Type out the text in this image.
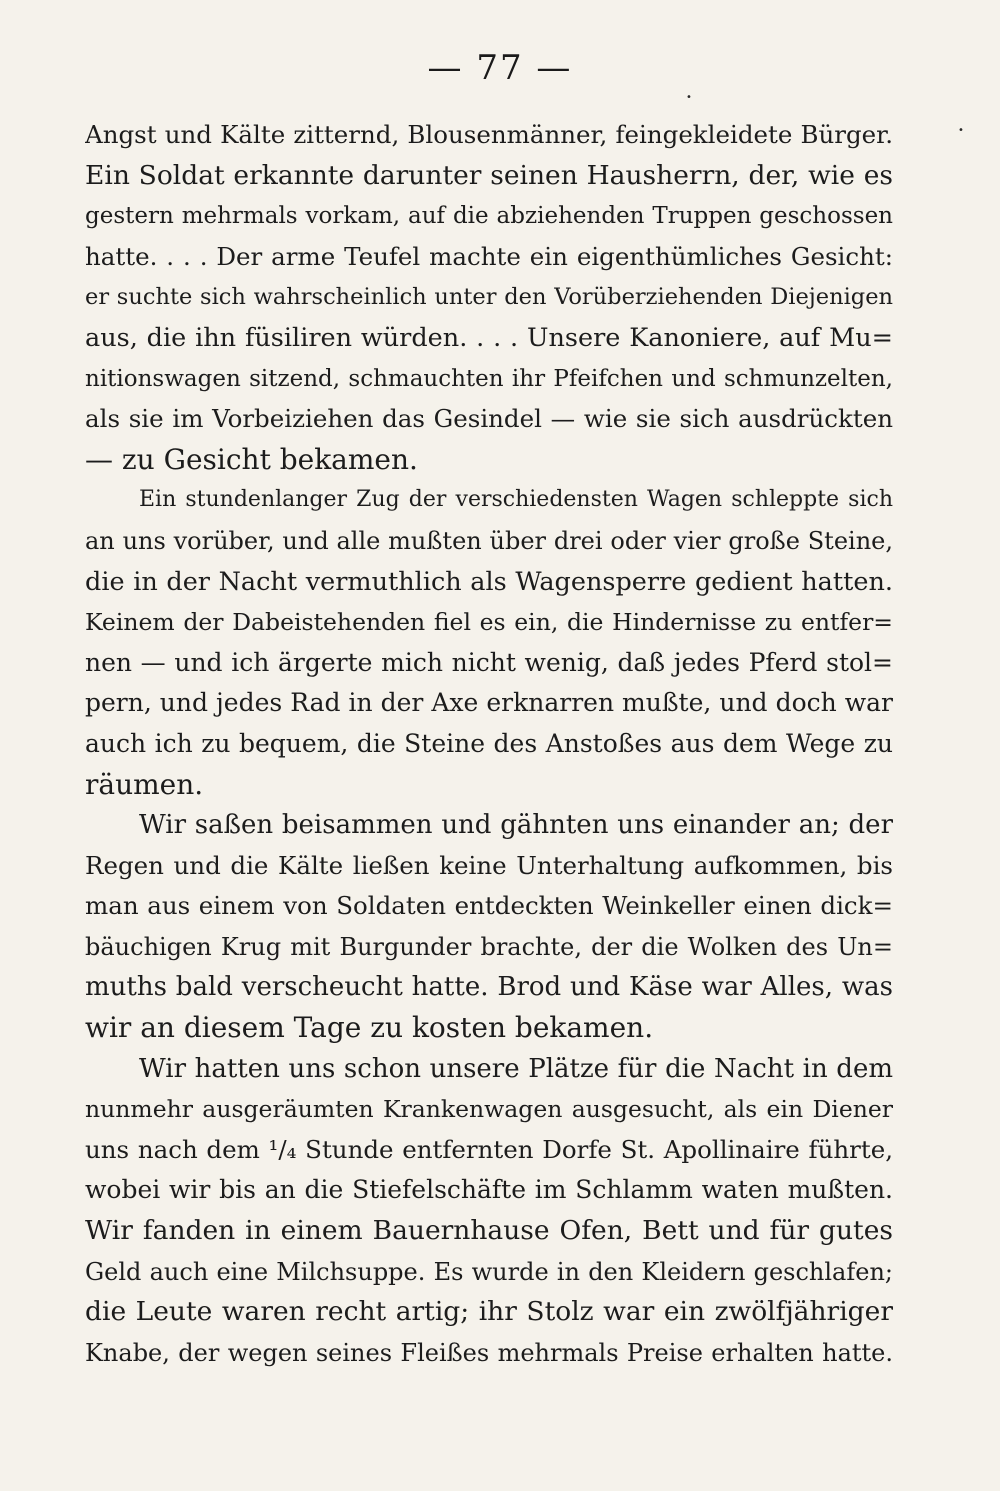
— 77 —
Angst und Kälte zitternd, Blousenmänner, feingekleidete Bürger.
Ein Soldat erkannte darunter seinen Hausherrn, der, wie es
gestern mehrmals vorkam, auf die abziehenden Truppen geschossen
hatte. . . . Der arme Teufel machte ein eigenthümliches Gesicht:
er suchte sich wahrscheinlich unter den Vorüberziehenden Diejenigen
aus, die ihn füsiliren würden. . . . Unsere Kanoniere, auf Mu=
nitionswagen sitzend, schmauchten ihr Pfeifchen und schmunzelten,
als sie im Vorbeiziehen das Gesindel — wie sie sich ausdrückten
— zu Gesicht bekamen.
Ein stundenlanger Zug der verschiedensten Wagen schleppte sich
an uns vorüber, und alle mußten über drei oder vier große Steine,
die in der Nacht vermuthlich als Wagensperre gedient hatten.
Keinem der Dabeistehenden fiel es ein, die Hindernisse zu entfer=
nen — und ich ärgerte mich nicht wenig, daß jedes Pferd stol=
pern, und jedes Rad in der Axe erknarren mußte, und doch war
auch ich zu bequem, die Steine des Anstoßes aus dem Wege zu
räumen.
Wir saßen beisammen und gähnten uns einander an; der
Regen und die Kälte ließen keine Unterhaltung aufkommen, bis
man aus einem von Soldaten entdeckten Weinkeller einen dick=
bäuchigen Krug mit Burgunder brachte, der die Wolken des Un=
muths bald verscheucht hatte. Brod und Käse war Alles, was
wir an diesem Tage zu kosten bekamen.
Wir hatten uns schon unsere Plätze für die Nacht in dem
nunmehr ausgeräumten Krankenwagen ausgesucht, als ein Diener
uns nach dem ¹/₄ Stunde entfernten Dorfe St. Apollinaire führte,
wobei wir bis an die Stiefelschäfte im Schlamm waten mußten.
Wir fanden in einem Bauernhause Ofen, Bett und für gutes
Geld auch eine Milchsuppe. Es wurde in den Kleidern geschlafen;
die Leute waren recht artig; ihr Stolz war ein zwölfjähriger
Knabe, der wegen seines Fleißes mehrmals Preise erhalten hatte.
•
•
